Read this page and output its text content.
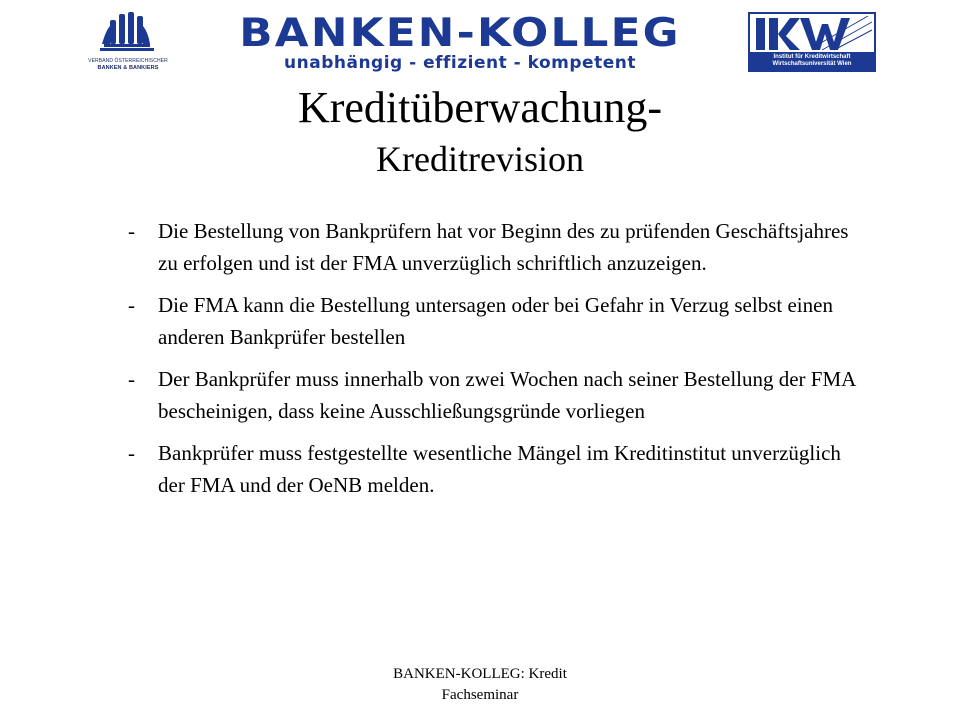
VERBAND ÖSTERREICHISCHER
BANKEN & BANKIERS
BANKEN-KOLLEG
unabhängig - effizient - kompetent	Institut für Kreditwirtschaft
Wirtschaftsuniversität Wien
Kreditüberwachung-
Kreditrevision
-	Die Bestellung von Bankprüfern hat vor Beginn des zu prüfenden Geschäftsjahres zu erfolgen und ist der FMA unverzüglich schriftlich anzuzeigen.
-	Die FMA kann die Bestellung untersagen oder bei Gefahr in Verzug selbst einen anderen Bankprüfer bestellen
-	Der Bankprüfer muss innerhalb von zwei Wochen nach seiner Bestellung der FMA bescheinigen, dass keine Ausschließungsgründe vorliegen
-	Bankprüfer muss festgestellte wesentliche Mängel im Kreditinstitut unverzüglich der FMA und der OeNB melden.
BANKEN-KOLLEG: Kredit
Fachseminar
